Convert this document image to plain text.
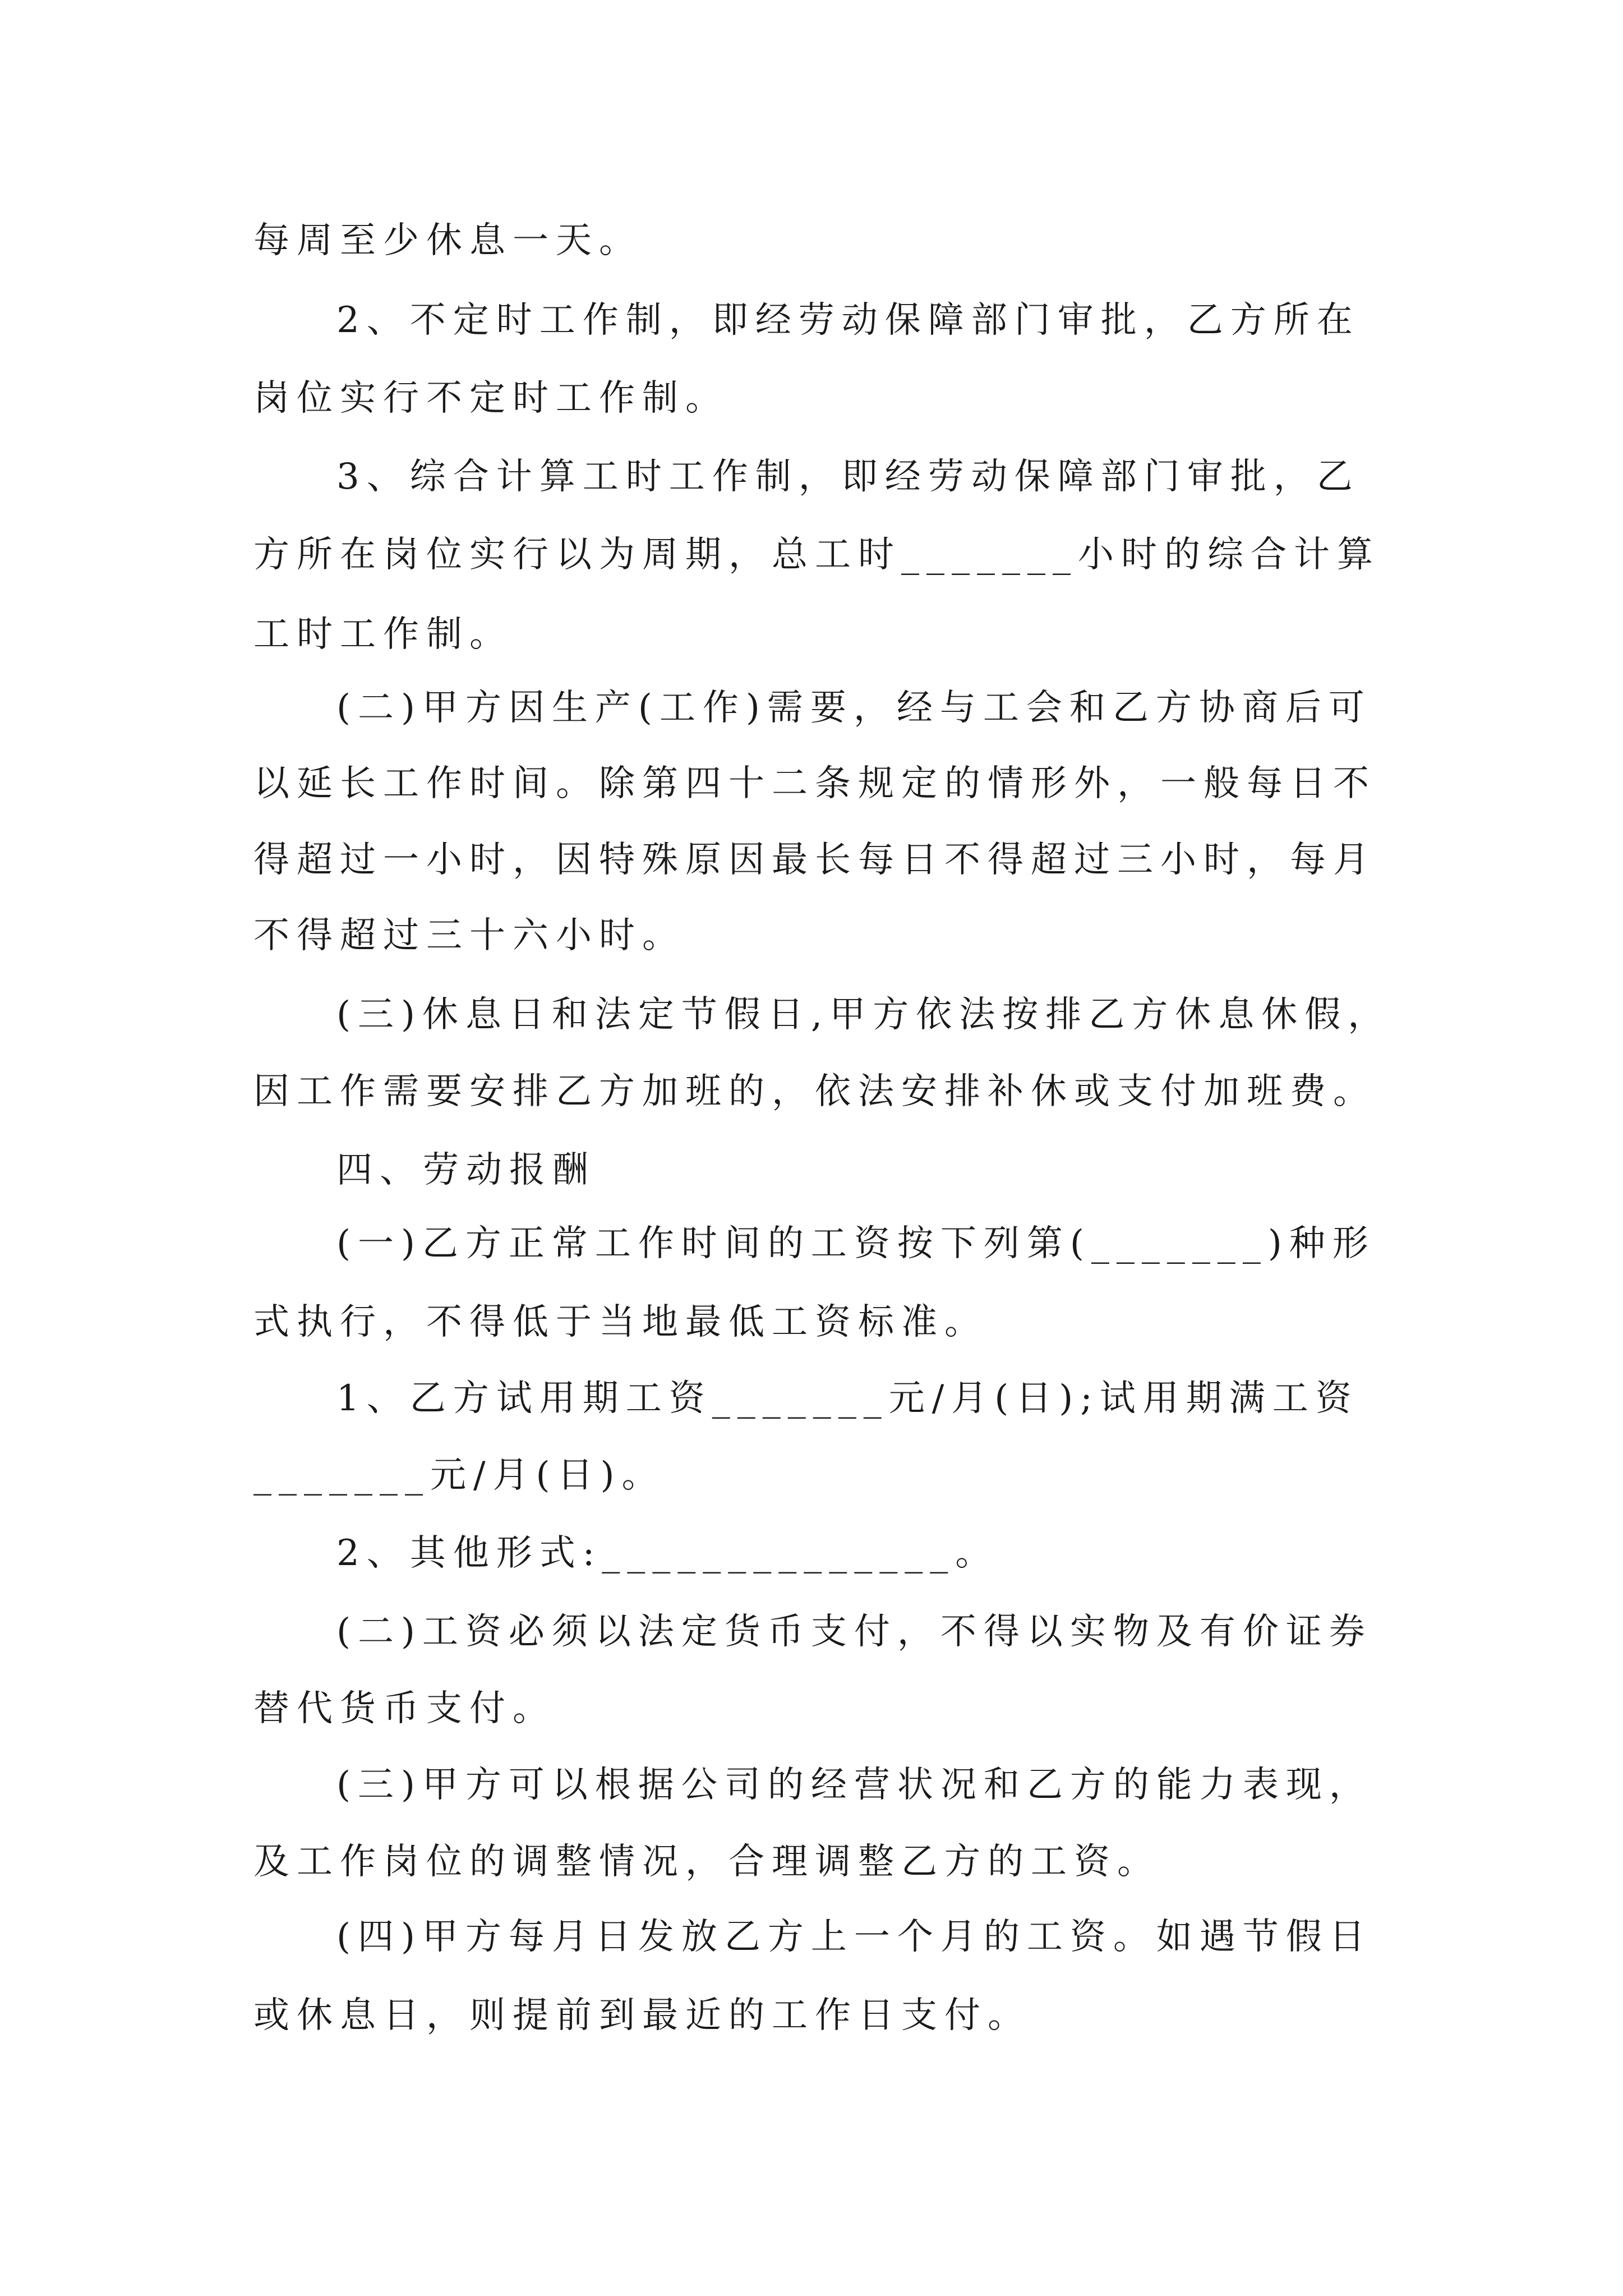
每周至少休息一天。
2、不定时工作制，即经劳动保障部门审批，乙方所在
岗位实行不定时工作制。
3、综合计算工时工作制，即经劳动保障部门审批，乙
方所在岗位实行以为周期，总工时_______小时的综合计算
工时工作制。
(二)甲方因生产(工作)需要，经与工会和乙方协商后可
以延长工作时间。除第四十二条规定的情形外，一般每日不
得超过一小时，因特殊原因最长每日不得超过三小时，每月
不得超过三十六小时。
(三)休息日和法定节假日,甲方依法按排乙方休息休假，
因工作需要安排乙方加班的，依法安排补休或支付加班费。
四、劳动报酬
(一)乙方正常工作时间的工资按下列第(_______)种形
式执行，不得低于当地最低工资标准。
1、乙方试用期工资_______元/月(日);试用期满工资
_______元/月(日)。
2、其他形式:______________。
(二)工资必须以法定货币支付，不得以实物及有价证券
替代货币支付。
(三)甲方可以根据公司的经营状况和乙方的能力表现，
及工作岗位的调整情况，合理调整乙方的工资。
(四)甲方每月日发放乙方上一个月的工资。如遇节假日
或休息日，则提前到最近的工作日支付。
